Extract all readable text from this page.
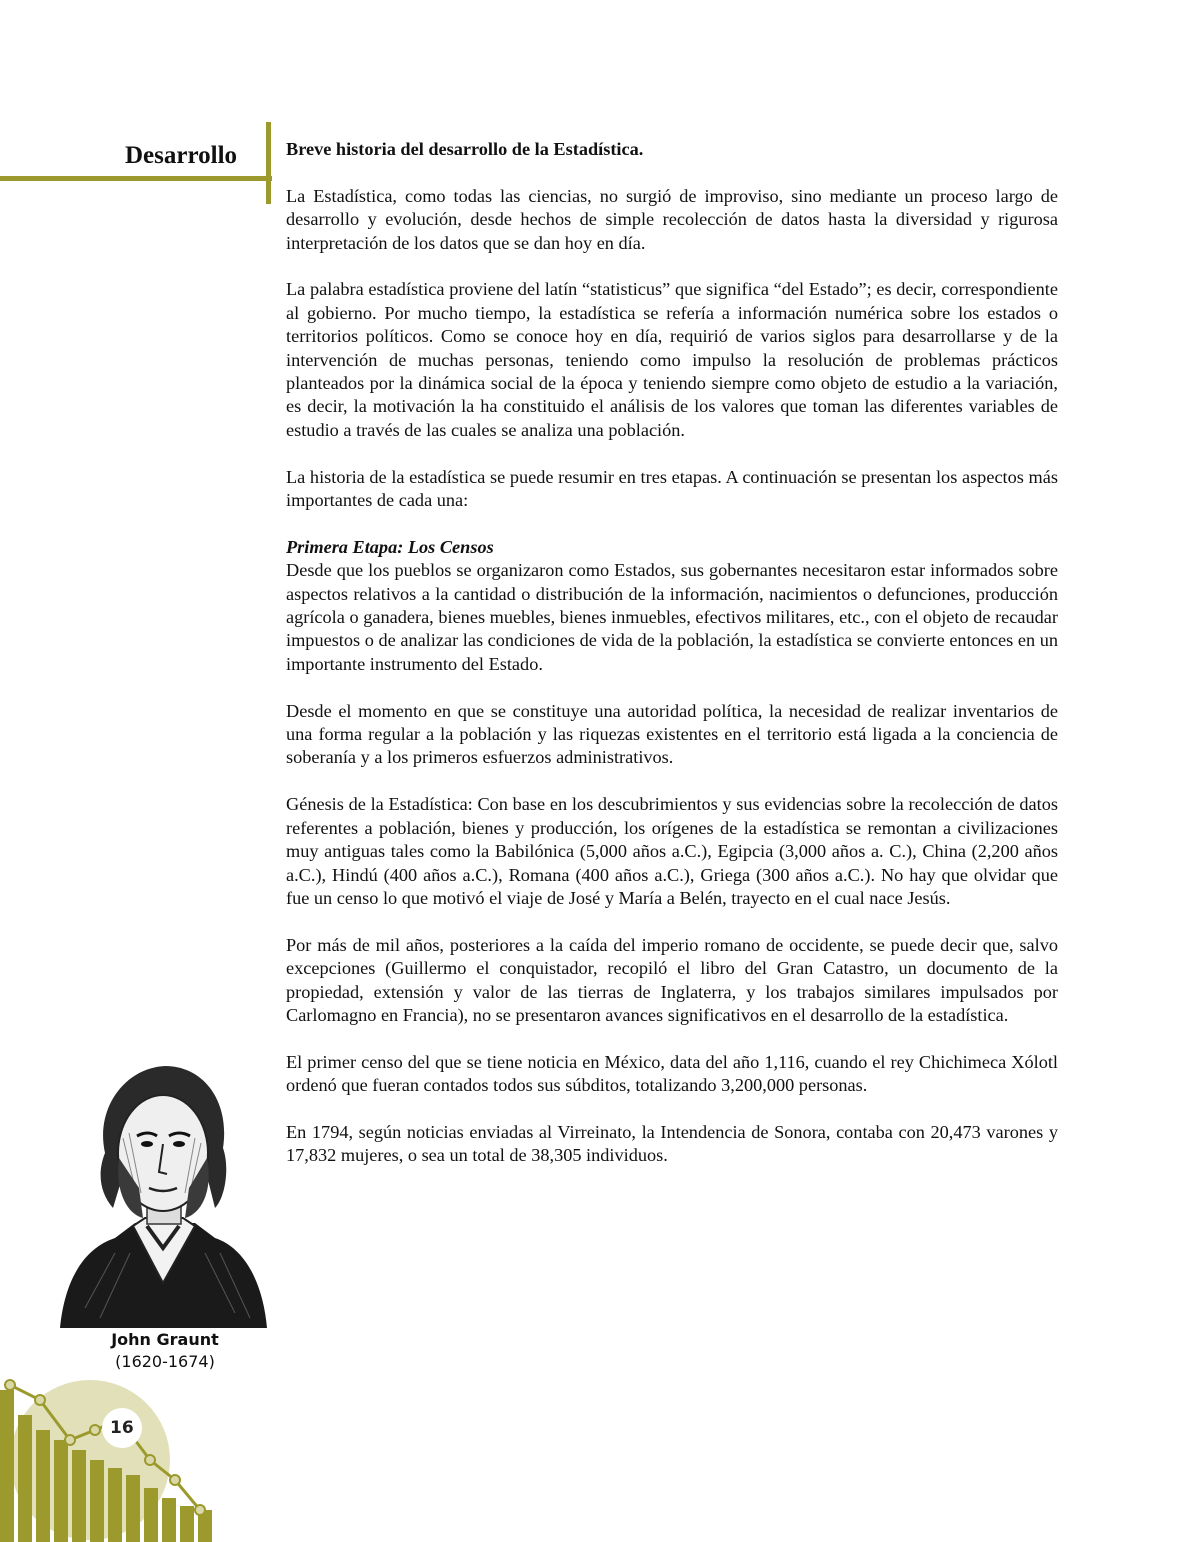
Desarrollo	Breve historia del desarrollo de la Estadística.

La Estadística, como todas las ciencias, no surgió de improviso, sino mediante un proceso largo de desarrollo y evolución, desde hechos de simple recolección de datos hasta la diversidad y rigurosa interpretación de los datos que se dan hoy en día.

La palabra estadística proviene del latín “statisticus” que significa “del Estado”; es decir, correspondiente al gobierno. Por mucho tiempo, la estadística se refería a información numérica sobre los estados o territorios políticos. Como se conoce hoy en día, requirió de varios siglos para desarrollarse y de la intervención de muchas personas, teniendo como impulso la resolución de problemas prácticos planteados por la dinámica social de la época y teniendo siempre como objeto de estudio a la variación, es decir, la motivación la ha constituido el análisis de los valores que toman las diferentes variables de estudio a través de las cuales se analiza una población.

La historia de la estadística se puede resumir en tres etapas. A continuación se presentan los aspectos más importantes de cada una:

Primera Etapa: Los Censos

Desde que los pueblos se organizaron como Estados, sus gobernantes necesitaron estar informados sobre aspectos relativos a la cantidad o distribución de la información, nacimientos o defunciones, producción agrícola o ganadera, bienes muebles, bienes inmuebles, efectivos militares, etc., con el objeto de recaudar impuestos o de analizar las condiciones de vida de la población, la estadística se convierte entonces en un importante instrumento del Estado.

Desde el momento en que se constituye una autoridad política, la necesidad de realizar inventarios de una forma regular a la población y las riquezas existentes en el territorio está ligada a la conciencia de soberanía y a los primeros esfuerzos administrativos.

Génesis de la Estadística: Con base en los descubrimientos y sus evidencias sobre la recolección de datos referentes a población, bienes y producción, los orígenes de la estadística se remontan a civilizaciones muy antiguas tales como la Babilónica (5,000 años a.C.), Egipcia (3,000 años a. C.), China (2,200 años a.C.), Hindú (400 años a.C.), Romana (400 años a.C.), Griega (300 años a.C.). No hay que olvidar que fue un censo lo que motivó el viaje de José y María a Belén, trayecto en el cual nace Jesús.

Por más de mil años, posteriores a la caída del imperio romano de occidente, se puede decir que, salvo excepciones (Guillermo el conquistador, recopiló el libro del Gran Catastro, un documento de la propiedad, extensión y valor de las tierras de Inglaterra, y los trabajos similares impulsados por Carlomagno en Francia), no se presentaron avances significativos en el desarrollo de la estadística.

El primer censo del que se tiene noticia en México, data del año 1,116, cuando el rey Chichimeca Xólotl ordenó que fueran contados todos sus súbditos, totalizando 3,200,000 personas.

En 1794, según noticias enviadas al Virreinato, la Intendencia de Sonora, contaba con 20,473 varones y 17,832 mujeres, o sea un total de 38,305 individuos.

John Graunt
(1620-1674)
16
